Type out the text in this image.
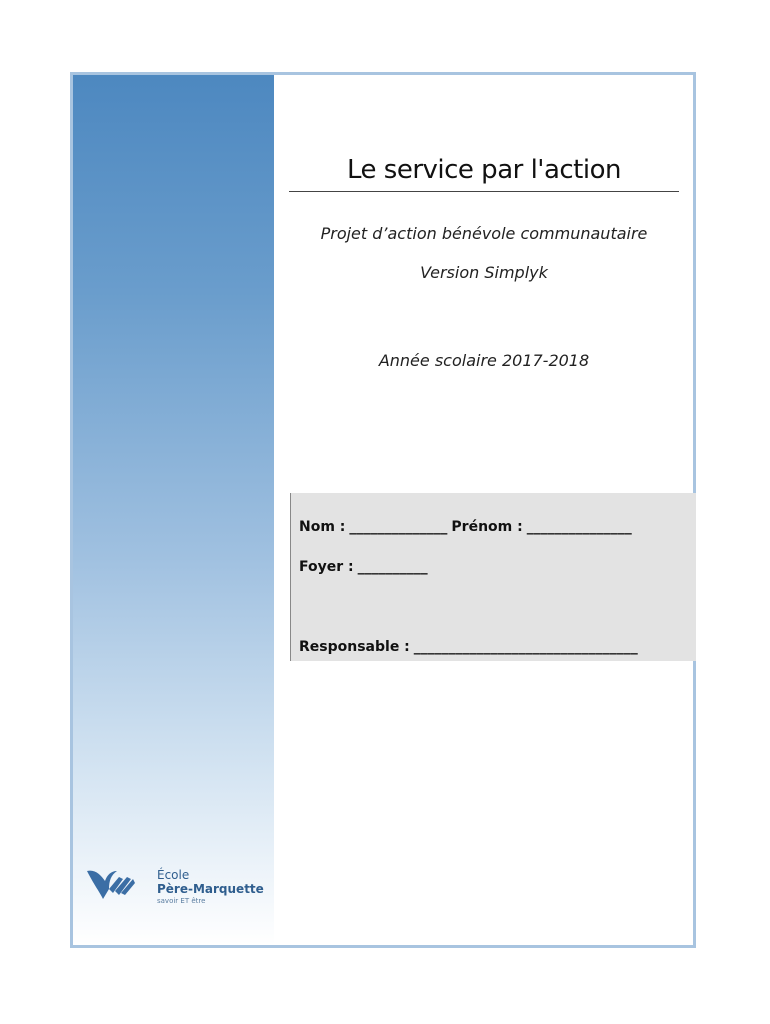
Le service par l'action
Projet d’action bénévole communautaire
Version Simplyk
Année scolaire 2017-2018
Nom : ______________ Prénom : _______________
Foyer : __________
Responsable : ________________________________
École
Père-Marquette
savoir ET être
